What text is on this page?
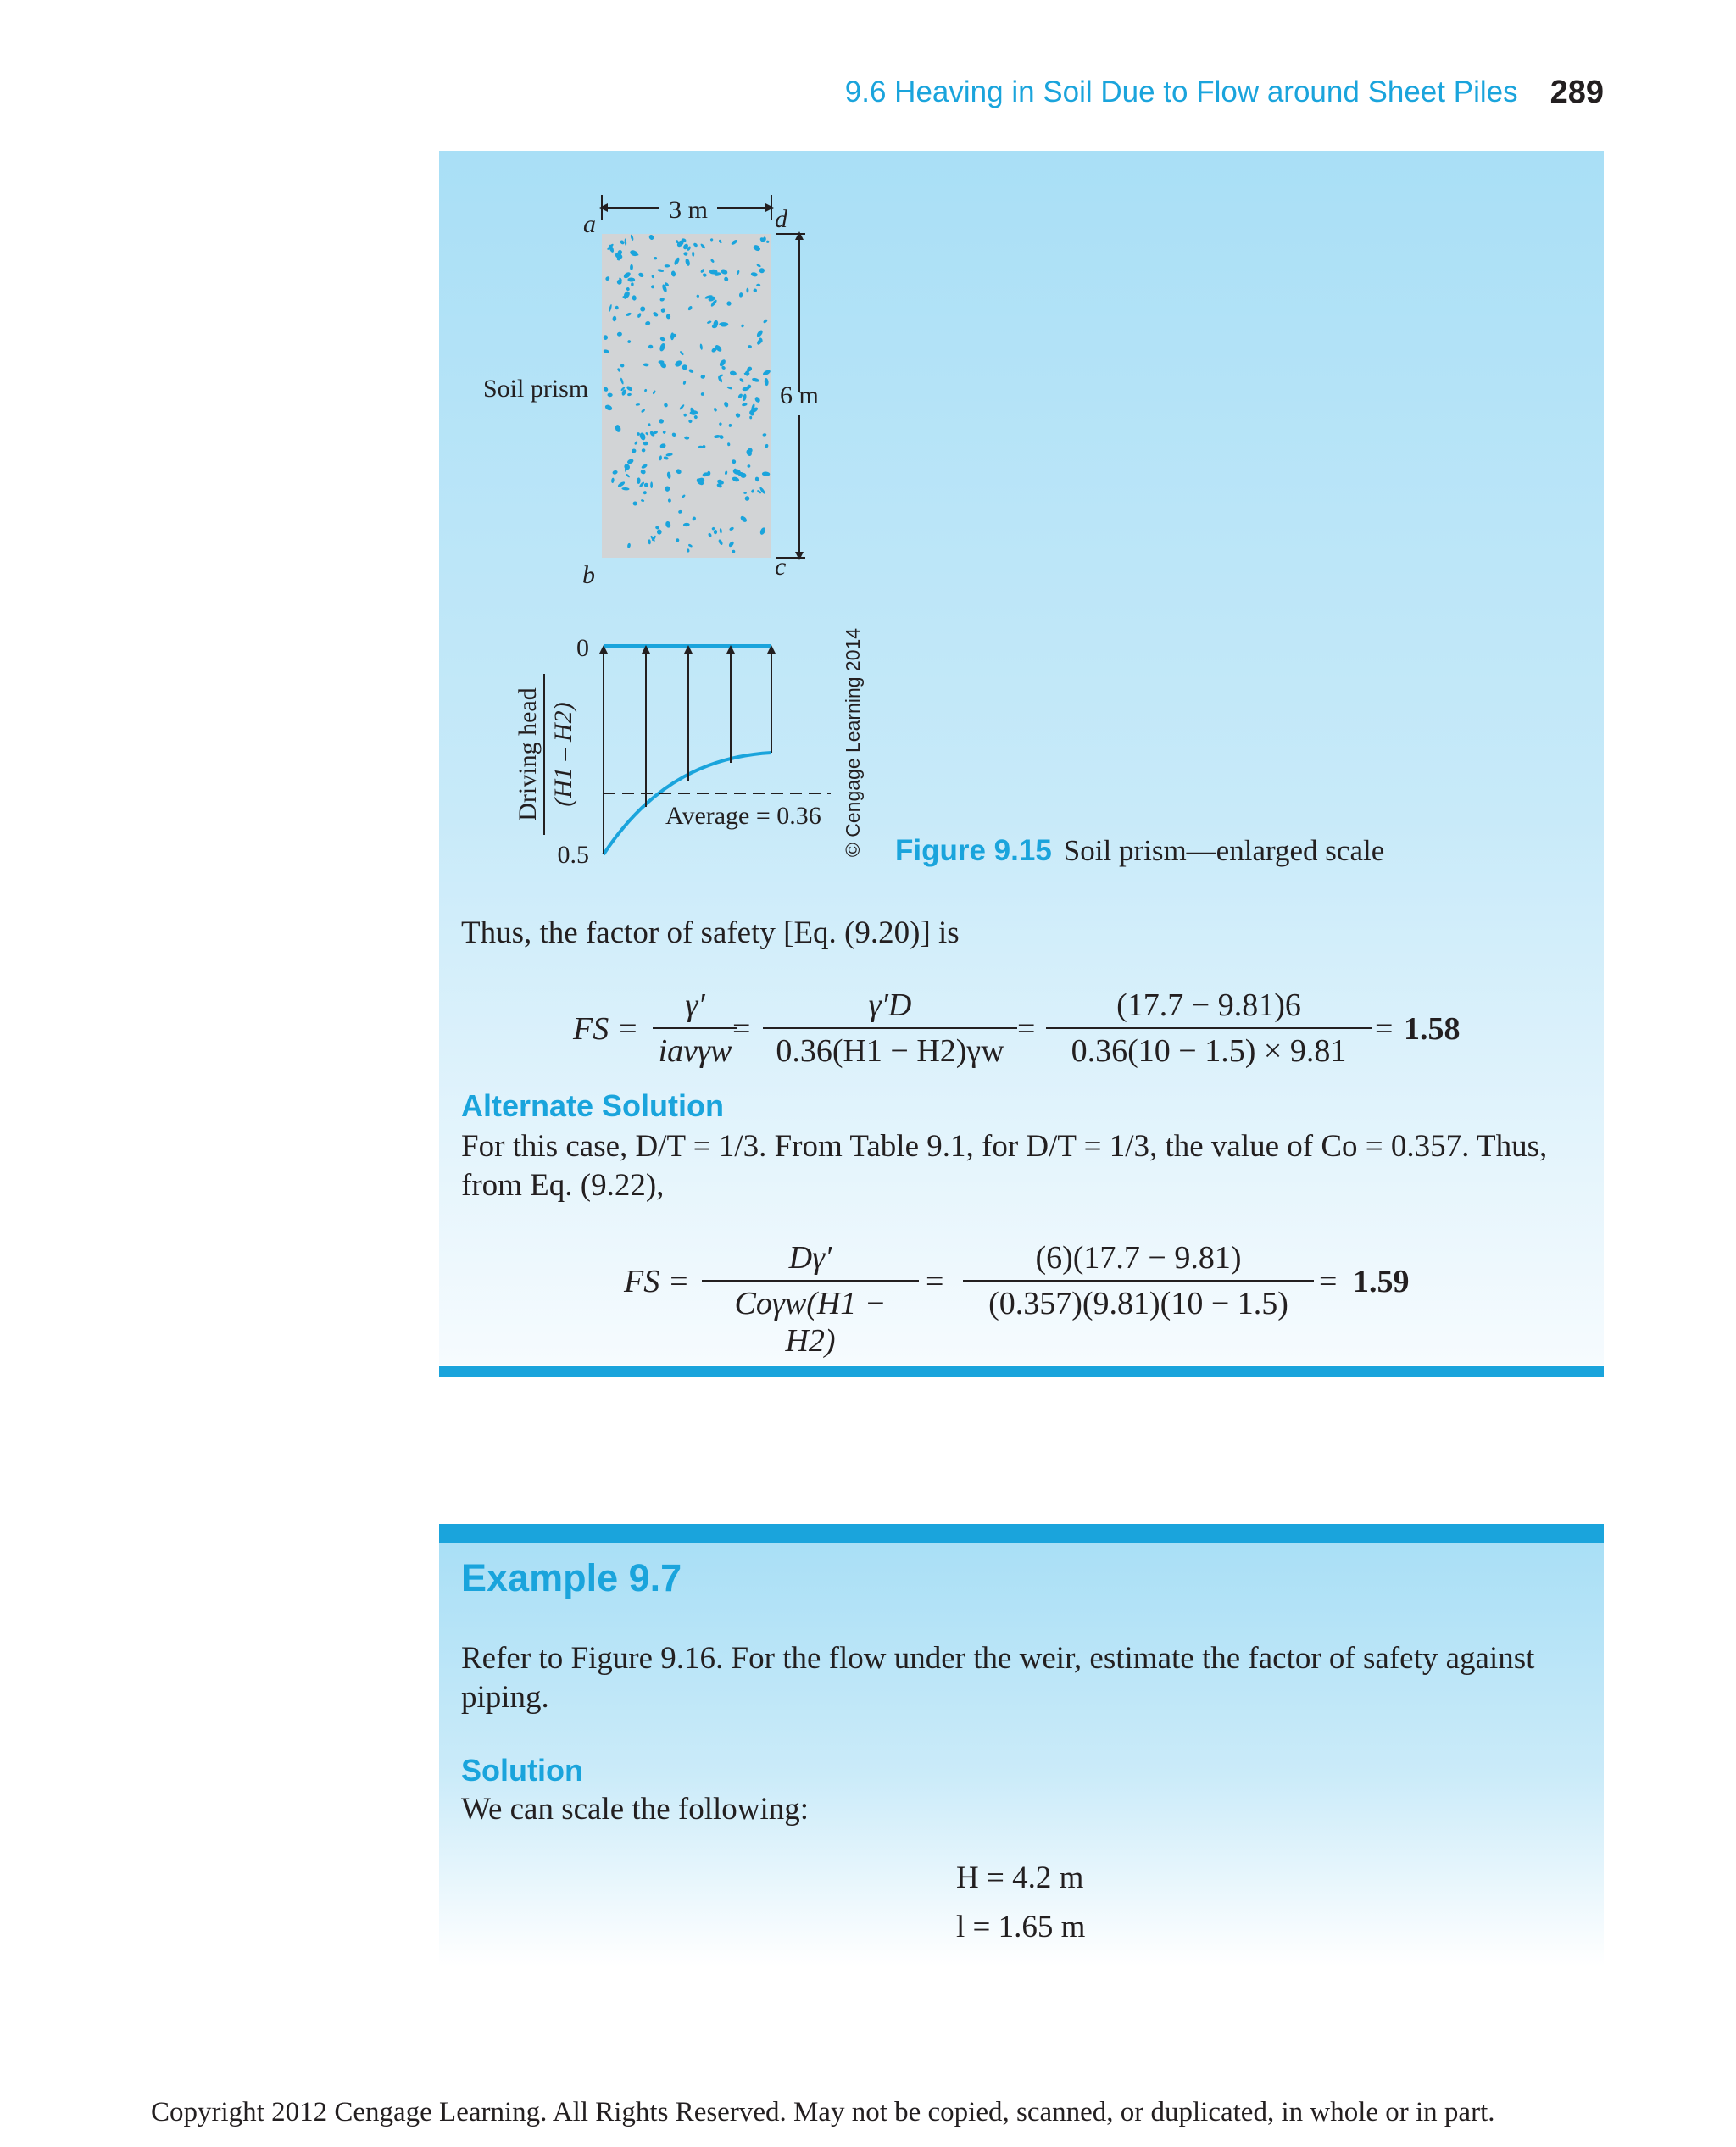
9.6 Heaving in Soil Due to Flow around Sheet Piles 289
3 m
6 m
Soil prism
a	d
b	c
0
0.5
Average = 0.36
Driving head (H1 – H2)	© Cengage Learning 2014 Figure 9.15 Soil prism—enlarged scale
Thus, the factor of safety [Eq. (9.20)] is
FS =
γ′
iavγw
= $\frac{\gamma'D}{0.36(H1 - H2)\gamma w} = \frac{(17.7 - 9.81)6}{0.36(10 - 1.5) \times 9.81} = 1.58$
Alternate Solution
For this case, D/T = 1/3. From Table 9.1, for D/T = 1/3, the value of Co = 0.357. Thus, from Eq. (9.22),
FS =
Dγ′
Coγw(H1 − H2)
= $\frac{(6)(17.7 - 9.81)}{(0.357)(9.81)(10 - 1.5)} = 1.59$
Example 9.7
Refer to Figure 9.16. For the flow under the weir, estimate the factor of safety against piping.
Solution
We can scale the following:
H = 4.2 m
l = 1.65 m
Copyright 2012 Cengage Learning. All Rights Reserved. May not be copied, scanned, or duplicated, in whole or in part.
